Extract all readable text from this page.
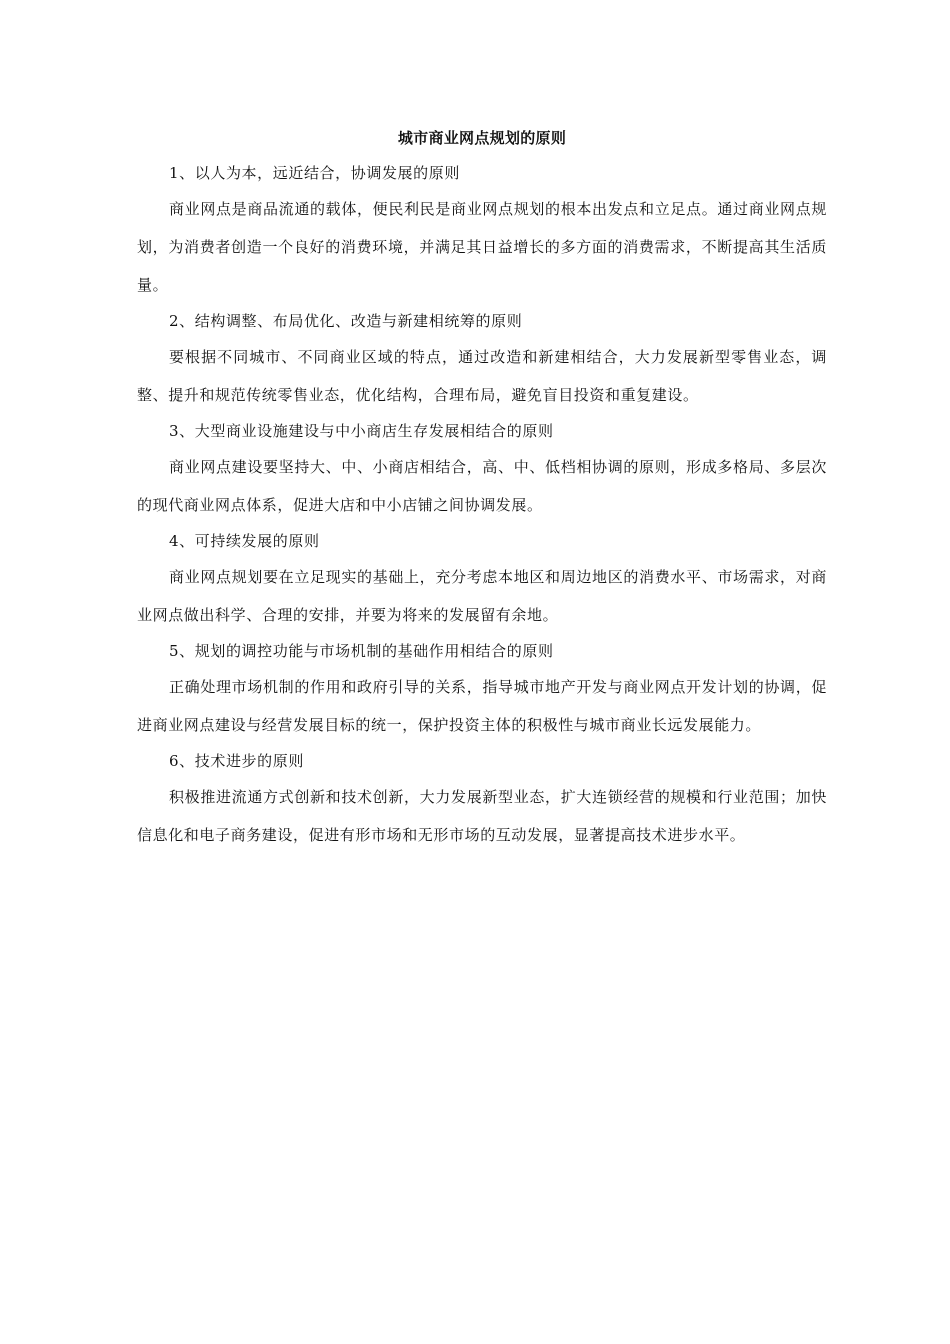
城市商业网点规划的原则

1、以人为本，远近结合，协调发展的原则

商业网点是商品流通的载体，便民利民是商业网点规划的根本出发点和立足点。通过商业网点规划，为消费者创造一个良好的消费环境，并满足其日益增长的多方面的消费需求，不断提高其生活质量。

2、结构调整、布局优化、改造与新建相统筹的原则

要根据不同城市、不同商业区域的特点，通过改造和新建相结合，大力发展新型零售业态，调整、提升和规范传统零售业态，优化结构，合理布局，避免盲目投资和重复建设。

3、大型商业设施建设与中小商店生存发展相结合的原则

商业网点建设要坚持大、中、小商店相结合，高、中、低档相协调的原则，形成多格局、多层次的现代商业网点体系，促进大店和中小店铺之间协调发展。

4、可持续发展的原则

商业网点规划要在立足现实的基础上，充分考虑本地区和周边地区的消费水平、市场需求，对商业网点做出科学、合理的安排，并要为将来的发展留有余地。

5、规划的调控功能与市场机制的基础作用相结合的原则

正确处理市场机制的作用和政府引导的关系，指导城市地产开发与商业网点开发计划的协调，促进商业网点建设与经营发展目标的统一，保护投资主体的积极性与城市商业长远发展能力。

6、技术进步的原则

积极推进流通方式创新和技术创新，大力发展新型业态，扩大连锁经营的规模和行业范围；加快信息化和电子商务建设，促进有形市场和无形市场的互动发展，显著提高技术进步水平。
